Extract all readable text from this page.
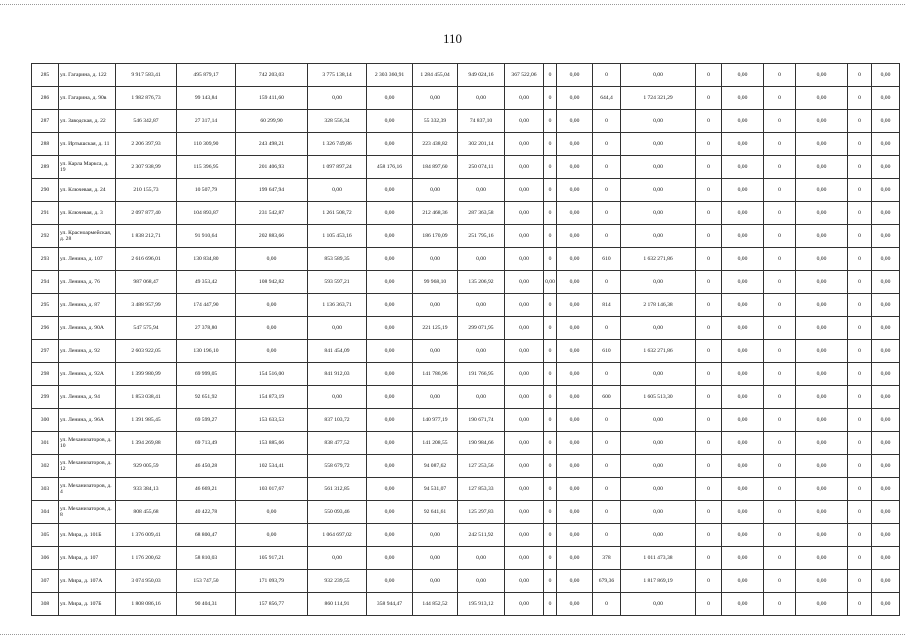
110
285	ул. Гагарина, д. 122	9 917 583,41	495 879,17	742 203,03	3 775 138,14	2 303 360,91	1 284 455,04	949 024,16	367 522,06	0	0,00	0	0,00	0	0,00	0	0,00	0	0,00
286	ул. Гагарина, д. 90в	1 982 876,73	99 143,84	159 411,60	0,00	0,00	0,00	0,00	0,00	0	0,00	644,4	1 724 321,29	0	0,00	0	0,00	0	0,00
287	ул. Заводская, д. 22	546 342,87	27 317,14	60 299,90	328 556,34	0,00	55 332,39	74 837,10	0,00	0	0,00	0	0,00	0	0,00	0	0,00	0	0,00
288	ул. Иртышская, д. 11	2 206 397,93	110 309,90	243 498,21	1 326 749,86	0,00	223 438,82	302 201,14	0,00	0	0,00	0	0,00	0	0,00	0	0,00	0	0,00
289	ул. Карла Маркса, д. 19	2 307 938,99	115 396,95	201 406,93	1 097 897,24	458 176,16	184 897,60	250 074,11	0,00	0	0,00	0	0,00	0	0,00	0	0,00	0	0,00
290	ул. Ключевая, д. 24	210 155,73	10 507,79	199 647,94	0,00	0,00	0,00	0,00	0,00	0	0,00	0	0,00	0	0,00	0	0,00	0	0,00
291	ул. Ключевая, д. 3	2 097 877,40	104 893,87	231 542,87	1 261 508,72	0,00	212 468,36	287 363,58	0,00	0	0,00	0	0,00	0	0,00	0	0,00	0	0,00
292	ул. Красноармейская, д. 28	1 838 212,71	91 910,64	202 883,66	1 105 453,16	0,00	186 170,09	251 795,16	0,00	0	0,00	0	0,00	0	0,00	0	0,00	0	0,00
293	ул. Ленина, д. 107	2 616 696,01	130 834,80	0,00	853 589,35	0,00	0,00	0,00	0,00	0	0,00	610	1 632 271,86	0	0,00	0	0,00	0	0,00
294	ул. Ленина, д. 76	987 068,47	49 353,42	108 942,82	593 597,21	0,00	99 968,10	135 206,92	0,00	0,00	0,00	0	0,00	0	0,00	0	0,00	0	0,00
295	ул. Ленина, д. 87	3 488 957,99	174 447,90	0,00	1 136 363,71	0,00	0,00	0,00	0,00	0	0,00	814	2 178 146,38	0	0,00	0	0,00	0	0,00
296	ул. Ленина, д. 90А	547 575,94	27 378,80	0,00	0,00	0,00	221 125,19	299 071,95	0,00	0	0,00	0	0,00	0	0,00	0	0,00	0	0,00
297	ул. Ленина, д. 92	2 603 922,05	130 196,10	0,00	841 454,09	0,00	0,00	0,00	0,00	0	0,00	610	1 632 271,86	0	0,00	0	0,00	0	0,00
298	ул. Ленина, д. 92А	1 399 980,99	69 999,05	154 516,00	841 912,03	0,00	141 786,96	191 766,95	0,00	0	0,00	0	0,00	0	0,00	0	0,00	0	0,00
299	ул. Ленина, д. 94	1 853 038,41	92 651,92	154 873,19	0,00	0,00	0,00	0,00	0,00	0	0,00	600	1 605 513,30	0	0,00	0	0,00	0	0,00
300	ул. Ленина, д. 96А	1 391 985,45	69 599,27	153 633,53	837 103,72	0,00	140 977,19	190 671,74	0,00	0	0,00	0	0,00	0	0,00	0	0,00	0	0,00
301	ул. Механизаторов, д. 10	1 394 269,88	69 713,49	153 885,66	838 477,52	0,00	141 208,55	190 984,66	0,00	0	0,00	0	0,00	0	0,00	0	0,00	0	0,00
302	ул. Механизаторов, д. 12	929 005,59	46 450,28	102 534,41	558 679,72	0,00	94 087,62	127 253,56	0,00	0	0,00	0	0,00	0	0,00	0	0,00	0	0,00
303	ул. Механизаторов, д. 4	933 384,13	46 669,21	103 017,67	561 312,85	0,00	94 531,07	127 853,33	0,00	0	0,00	0	0,00	0	0,00	0	0,00	0	0,00
304	ул. Механизаторов, д. 8	808 455,68	40 422,78	0,00	550 093,46	0,00	92 641,61	125 297,83	0,00	0	0,00	0	0,00	0	0,00	0	0,00	0	0,00
305	ул. Мира, д. 101Б	1 376 009,41	68 800,47	0,00	1 064 697,02	0,00	0,00	242 511,92	0,00	0	0,00	0	0,00	0	0,00	0	0,00	0	0,00
306	ул. Мира, д. 107	1 176 200,62	58 810,03	105 917,21	0,00	0,00	0,00	0,00	0,00	0	0,00	378	1 011 473,38	0	0,00	0	0,00	0	0,00
307	ул. Мира, д. 107А	3 074 950,03	153 747,50	171 093,79	932 239,55	0,00	0,00	0,00	0,00	0	0,00	679,36	1 817 869,19	0	0,00	0	0,00	0	0,00
308	ул. Мира, д. 107Б	1 808 086,16	90 404,31	157 856,77	860 114,91	358 944,47	144 852,52	195 913,12	0,00	0	0,00	0	0,00	0	0,00	0	0,00	0	0,00
